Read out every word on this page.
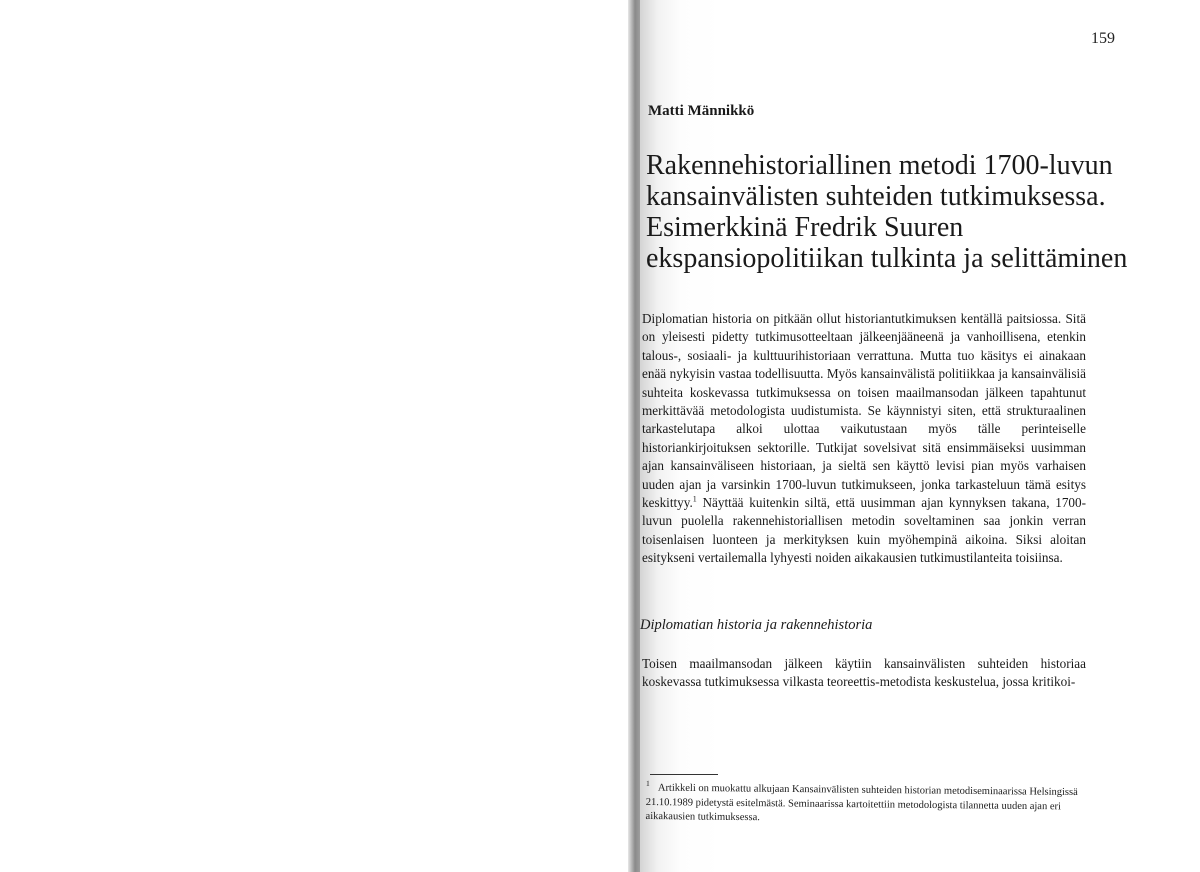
159
Matti Männikkö
Rakennehistoriallinen metodi 1700-luvun
kansainvälisten suhteiden tutkimuksessa.
Esimerkkinä Fredrik Suuren
ekspansiopolitiikan tulkinta ja selittäminen

Diplomatian historia on pitkään ollut historiantutkimuksen kentällä paitsiossa. Sitä on yleisesti pidetty tutkimusotteeltaan jälkeenjääneenä ja vanhoillisena, etenkin talous-, sosiaali- ja kulttuurihistoriaan verrattuna. Mutta tuo käsitys ei ainakaan enää nykyisin vastaa todellisuutta. Myös kansainvälistä politiikkaa ja kansainvälisiä suhteita koskevassa tutkimuksessa on toisen maailmansodan jälkeen tapahtunut merkittävää metodologista uudistumista. Se käynnistyi siten, että strukturaalinen tarkastelutapa alkoi ulottaa vaikutustaan myös tälle perinteiselle historiankirjoituksen sektorille. Tutkijat sovelsivat sitä ensimmäiseksi uusimman ajan kansainväliseen historiaan, ja sieltä sen käyttö levisi pian myös varhaisen uuden ajan ja varsinkin 1700-luvun tutkimukseen, jonka tarkasteluun tämä esitys keskittyy.$^1$ Näyttää kuitenkin siltä, että uusimman ajan kynnyksen takana, 1700-luvun puolella rakennehistoriallisen metodin soveltaminen saa jonkin verran toisenlaisen luonteen ja merkityksen kuin myöhempinä aikoina. Siksi aloitan esitykseni vertailemalla lyhyesti noiden aikakausien tutkimustilanteita toisiinsa.

Diplomatian historia ja rakennehistoria

Toisen maailmansodan jälkeen käytiin kansainvälisten suhteiden historiaa koskevassa tutkimuksessa vilkasta teoreettis-metodista keskustelua, jossa kritikoi-

$^1$ Artikkeli on muokattu alkujaan Kansainvälisten suhteiden historian metodiseminaarissa Helsingissä 21.10.1989 pidetystä esitelmästä. Seminaarissa kartoitettiin metodologista tilannetta uuden ajan eri aikakausien tutkimuksessa.
